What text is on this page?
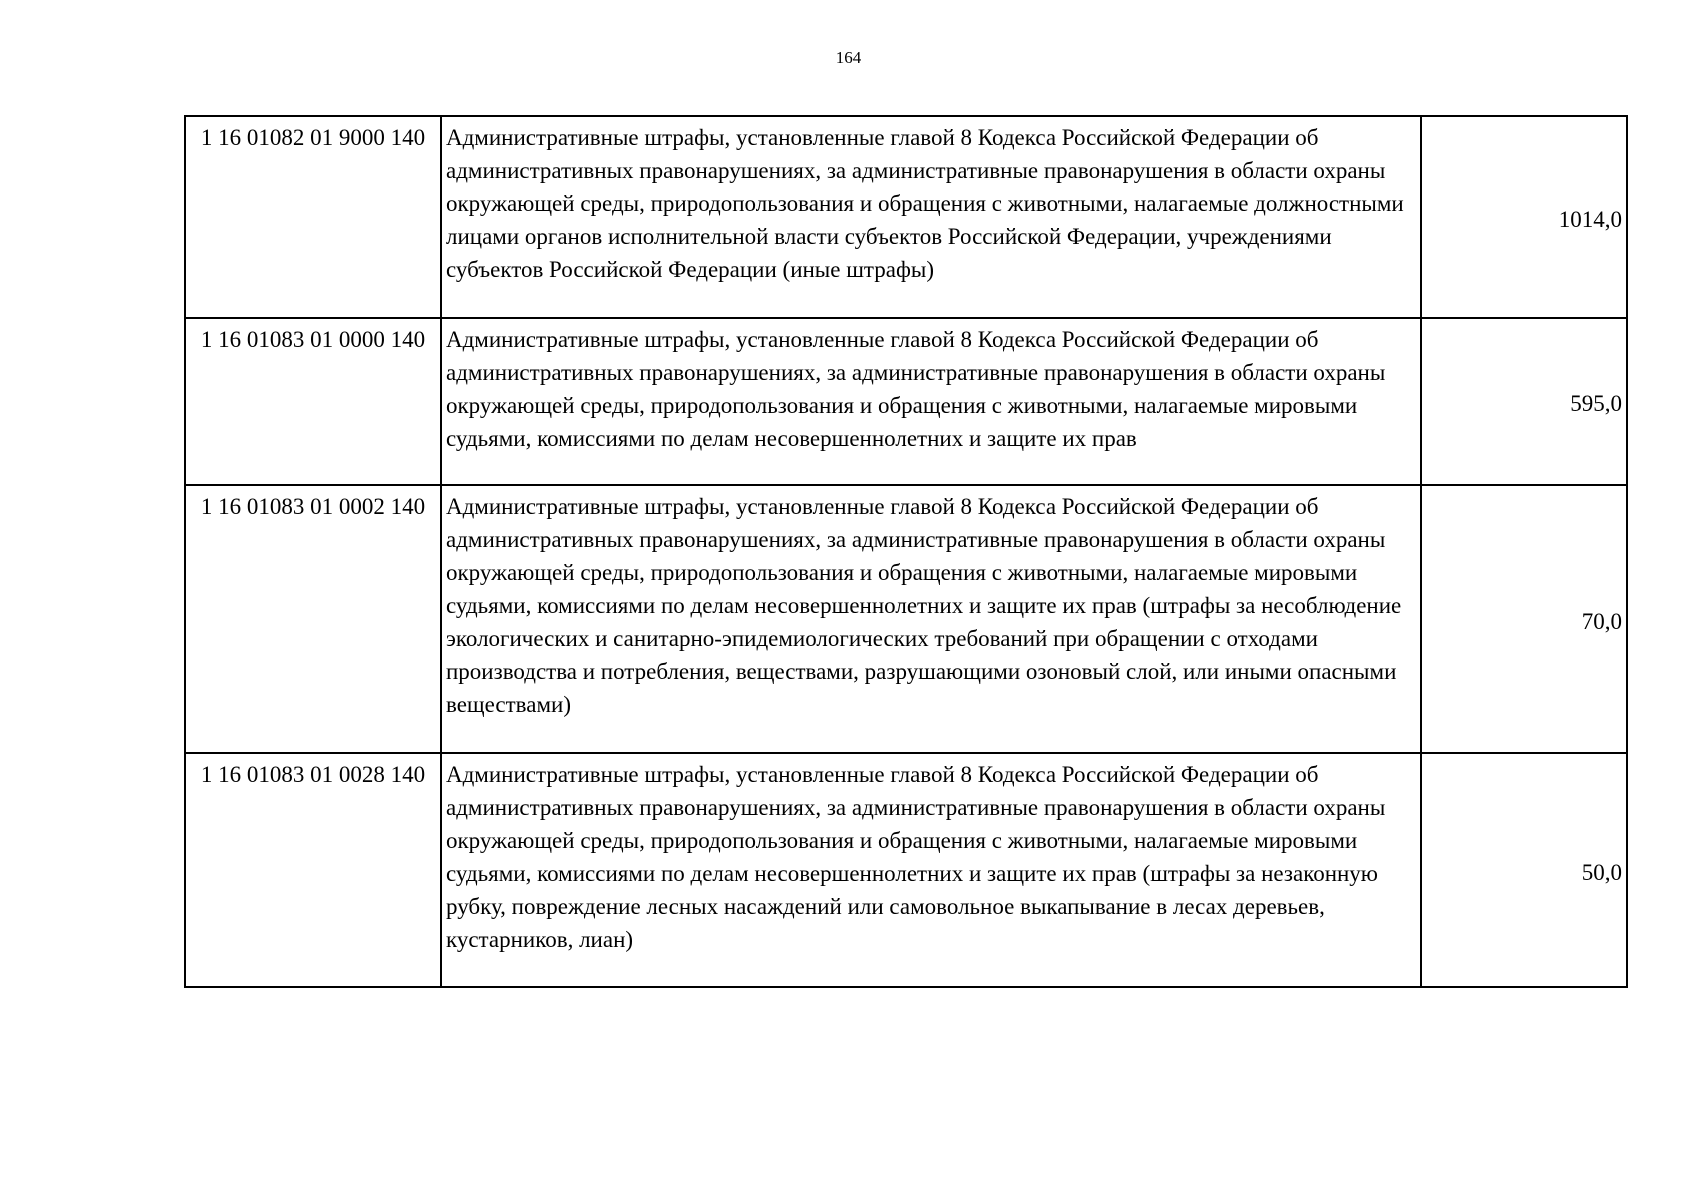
164
1 16 01082 01 9000 140	Административные штрафы, установленные главой 8 Кодекса Российской Федерации об административных правонарушениях, за административные правонарушения в области охраны окружающей среды, природопользования и обращения с животными, налагаемые должностными лицами органов исполнительной власти субъектов Российской Федерации, учреждениями субъектов Российской Федерации (иные штрафы)	1014,0
1 16 01083 01 0000 140	Административные штрафы, установленные главой 8 Кодекса Российской Федерации об административных правонарушениях, за административные правонарушения в области охраны окружающей среды, природопользования и обращения с животными, налагаемые мировыми судьями, комиссиями по делам несовершеннолетних и защите их прав	595,0
1 16 01083 01 0002 140	Административные штрафы, установленные главой 8 Кодекса Российской Федерации об административных правонарушениях, за административные правонарушения в области охраны окружающей среды, природопользования и обращения с животными, налагаемые мировыми судьями, комиссиями по делам несовершеннолетних и защите их прав (штрафы за несоблюдение экологических и санитарно-эпидемиологических требований при обращении с отходами производства и потребления, веществами, разрушающими озоновый слой, или иными опасными веществами)	70,0
1 16 01083 01 0028 140	Административные штрафы, установленные главой 8 Кодекса Российской Федерации об административных правонарушениях, за административные правонарушения в области охраны окружающей среды, природопользования и обращения с животными, налагаемые мировыми судьями, комиссиями по делам несовершеннолетних и защите их прав (штрафы за незаконную рубку, повреждение лесных насаждений или самовольное выкапывание в лесах деревьев, кустарников, лиан)	50,0
